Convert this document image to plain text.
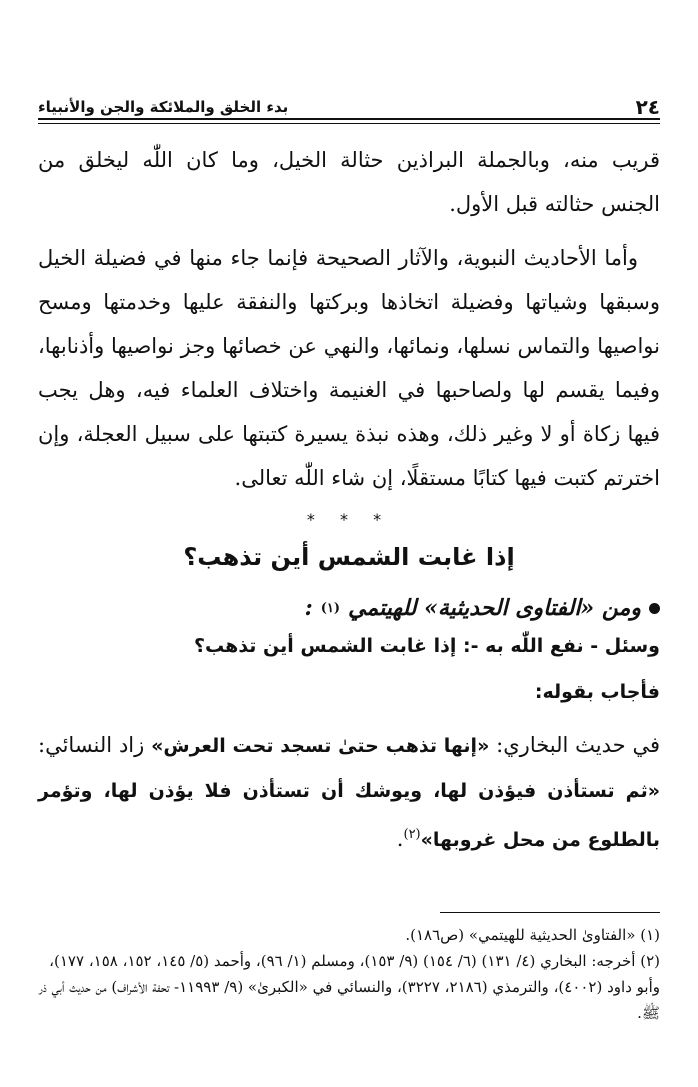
٢٤
بدء الخلق والملائكة والجن والأنبياء

قريب منه، وبالجملة البراذين حثالة الخيل، وما كان اللّٰه ليخلق من الجنس حثالته قبل الأول.

وأما الأحاديث النبوية، والآثار الصحيحة فإنما جاء منها في فضيلة الخيل وسبقها وشياتها وفضيلة اتخاذها وبركتها والنفقة عليها وخدمتها ومسح نواصيها والتماس نسلها، ونمائها، والنهي عن خصائها وجز نواصيها وأذنابها، وفيما يقسم لها ولصاحبها في الغنيمة واختلاف العلماء فيه، وهل يجب فيها زكاة أو لا وغير ذلك، وهذه نبذة يسيرة كتبتها على سبيل العجلة، وإن اخترتم كتبت فيها كتابًا مستقلًا، إن شاء اللّٰه تعالى.

* * *
إذا غابت الشمس أين تذهب؟
ومن «الفتاوى الحديثية» للهيتمي
(١)
:
وسئل - نفع اللّٰه به -: إذا غابت الشمس أين تذهب؟
فأجاب بقوله:

في حديث البخاري: «إنها تذهب حتىٰ تسجد تحت العرش» زاد النسائي: «ثم تستأذن فيؤذن لها، ويوشك أن تستأذن فلا يؤذن لها، وتؤمر بالطلوع من محل غروبها»$^{(٢)}$.

(١) «الفتاوىٰ الحديثية للهيتمي» (ص١٨٦).

(٢) أخرجه: البخاري (٤/ ١٣١) (٦/ ١٥٤) (٩/ ١٥٣)، ومسلم (١/ ٩٦)، وأحمد (٥/ ١٤٥، ١٥٢، ١٥٨، ١٧٧)، وأبو داود (٤٠٠٢)، والترمذي (٢١٨٦، ٣٢٢٧)، والنسائي في «الكبرىٰ» (٩/ ١١٩٩٣- تحفة الأشراف) من حديث أبي ذر ﷺ.
